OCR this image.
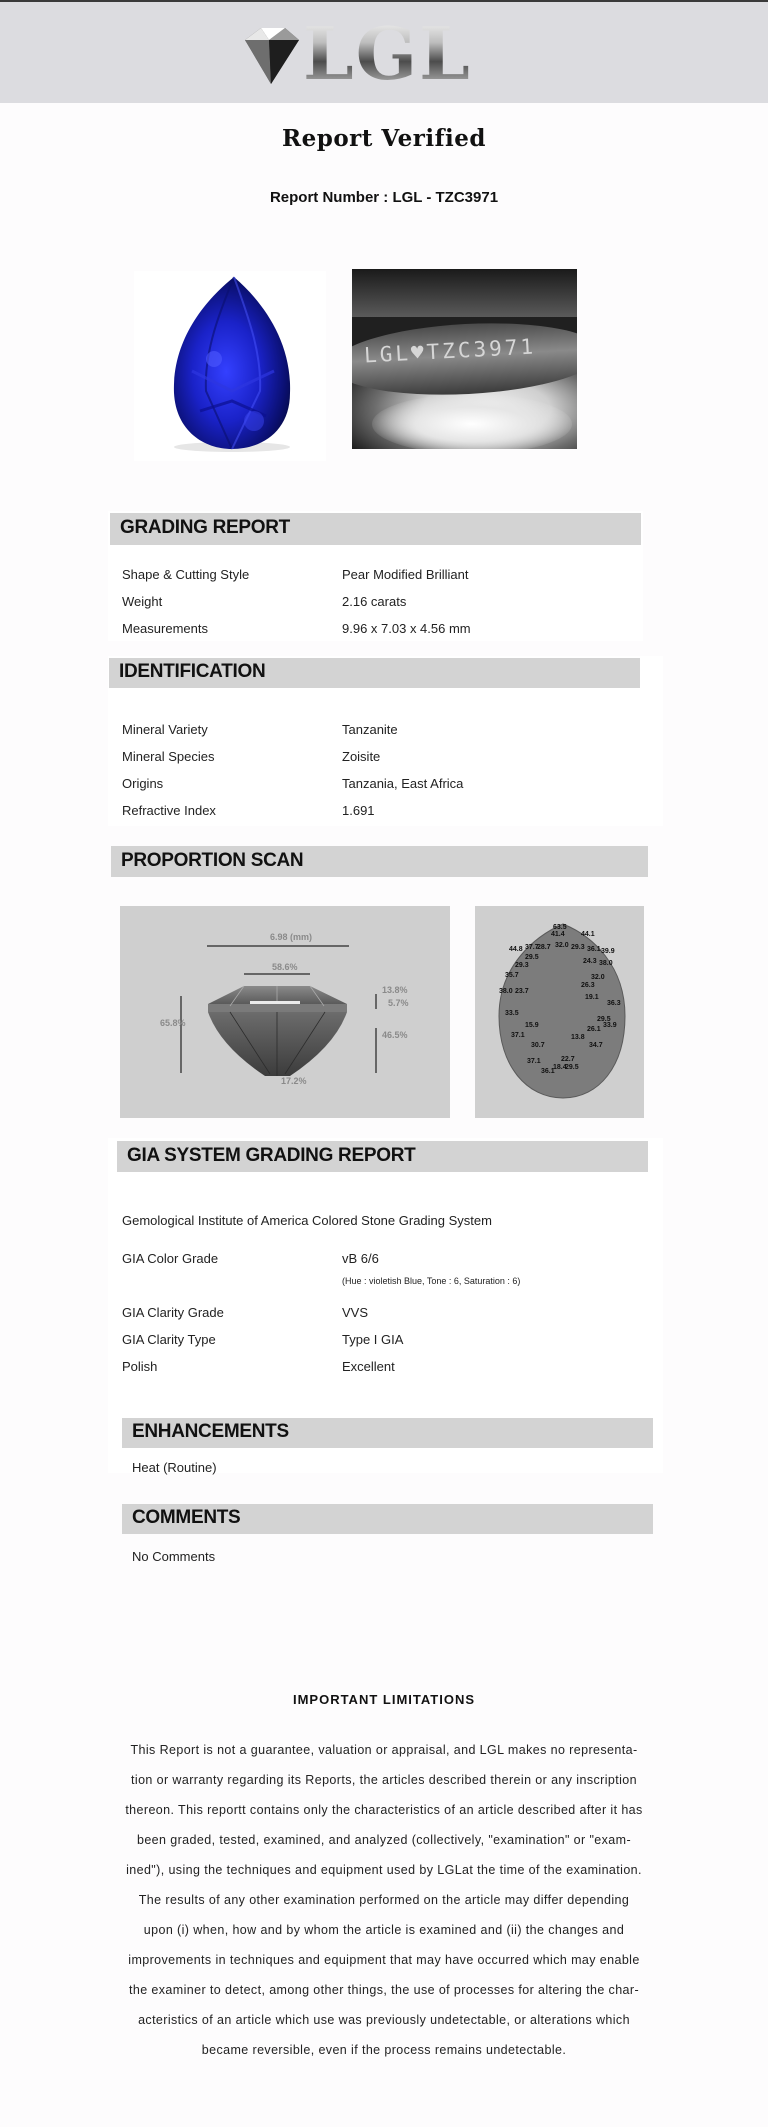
LGL
Report Verified
Report Number : LGL - TZC3971
LGL♥TZC3971
GRADING REPORT
Shape & Cutting Style	Pear Modified Brilliant
Weight	2.16 carats
Measurements	9.96 x 7.03 x 4.56 mm
IDENTIFICATION
Mineral Variety	Tanzanite
Mineral Species	Zoisite
Origins	Tanzania, East Africa
Refractive Index	1.691
PROPORTION SCAN
6.98 (mm)
58.6%
65.8%
13.8%
5.7%
46.5%
17.2%
63.5
41.4 44.1
44.8 37.7
28.7 32.0 29.3 36.1 39.9
29.5
24.3 38.0
29.3
35.7	32.0
26.3
38.0 23.7
19.1
36.3
33.5
15.9
29.5
26.1
33.9
37.1	13.8
30.7	34.7
22.7
37.1
18.4
29.5
36.1
GIA SYSTEM GRADING REPORT
Gemological Institute of America Colored Stone Grading System
GIA Color Grade	vB 6/6
(Hue : violetish Blue, Tone : 6, Saturation : 6)
GIA Clarity Grade	VVS
GIA Clarity Type	Type I GIA
Polish	Excellent
ENHANCEMENTS
Heat (Routine)
COMMENTS
No Comments
IMPORTANT LIMITATIONS
This Report is not a guarantee, valuation or appraisal, and LGL makes no representa-
tion or warranty regarding its Reports, the articles described therein or any inscription
thereon. This reportt contains only the characteristics of an article described after it has
been graded, tested, examined, and analyzed (collectively, "examination" or "exam-
ined"), using the techniques and equipment used by LGLat the time of the examination.
The results of any other examination performed on the article may differ depending
upon (i) when, how and by whom the article is examined and (ii) the changes and
improvements in techniques and equipment that may have occurred which may enable
the examiner to detect, among other things, the use of processes for altering the char-
acteristics of an article which use was previously undetectable, or alterations which
became reversible, even if the process remains undetectable.
